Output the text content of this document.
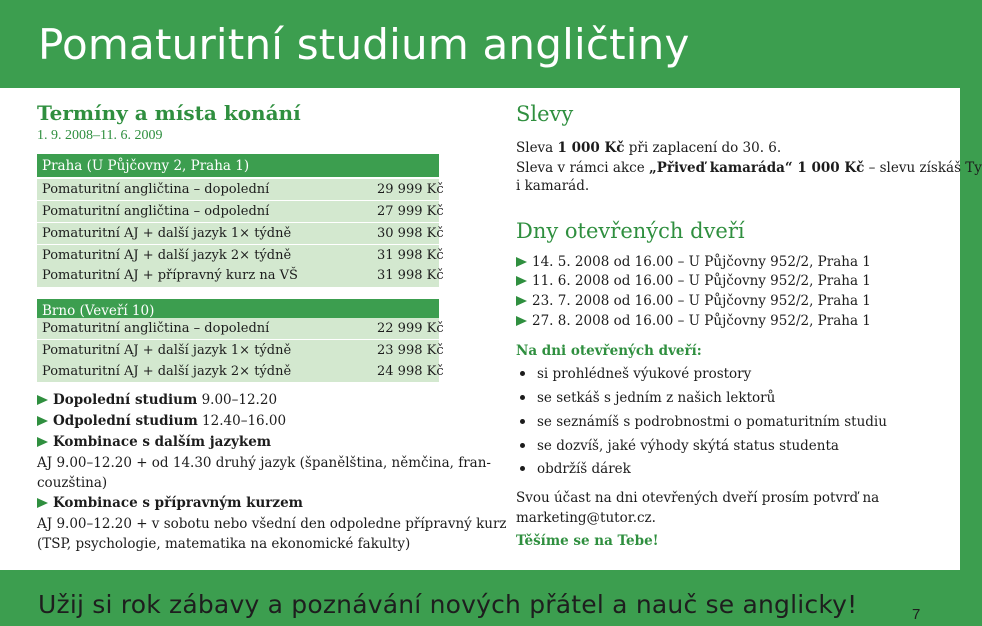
Pomaturitní studium angličtiny
Termíny a místa konání
1. 9. 2008–11. 6. 2009
Praha (U Půjčovny 2, Praha 1)
Pomaturitní angličtina – dopolední	29 999 Kč
Pomaturitní angličtina – odpolední	27 999 Kč
Pomaturitní AJ + další jazyk 1× týdně	30 998 Kč
Pomaturitní AJ + další jazyk 2× týdně	31 998 Kč
Pomaturitní AJ + přípravný kurz na VŠ	31 998 Kč
Brno (Veveří 10)
Pomaturitní angličtina – dopolední	22 999 Kč
Pomaturitní AJ + další jazyk 1× týdně	23 998 Kč
Pomaturitní AJ + další jazyk 2× týdně	24 998 Kč
Dopolední studium 9.00–12.20
Odpolední studium 12.40–16.00
Kombinace s dalším jazykem
AJ 9.00–12.20 + od 14.30 druhý jazyk (španělština, němčina, fran-
couzština)
Kombinace s přípravným kurzem
AJ 9.00–12.20 + v sobotu nebo všední den odpoledne přípravný kurz
(TSP, psychologie, matematika na ekonomické fakulty)
Slevy
Sleva 1 000 Kč při zaplacení do 30. 6.
Sleva v rámci akce „Přiveď kamaráda“ 1 000 Kč – slevu získáš Ty
i kamarád.
Dny otevřených dveří
14. 5. 2008 od 16.00 – U Půjčovny 952/2, Praha 1
11. 6. 2008 od 16.00 – U Půjčovny 952/2, Praha 1
23. 7. 2008 od 16.00 – U Půjčovny 952/2, Praha 1
27. 8. 2008 od 16.00 – U Půjčovny 952/2, Praha 1
Na dni otevřených dveří:
si prohlédneš výukové prostory
se setkáš s jedním z našich lektorů
se seznámíš s podrobnostmi o pomaturitním studiu
se dozvíš, jaké výhody skýtá status studenta
obdržíš dárek
Svou účast na dni otevřených dveří prosím potvrď na
marketing@tutor.cz.
Těšíme se na Tebe!
Užij si rok zábavy a poznávání nových přátel a nauč se anglicky!	7
